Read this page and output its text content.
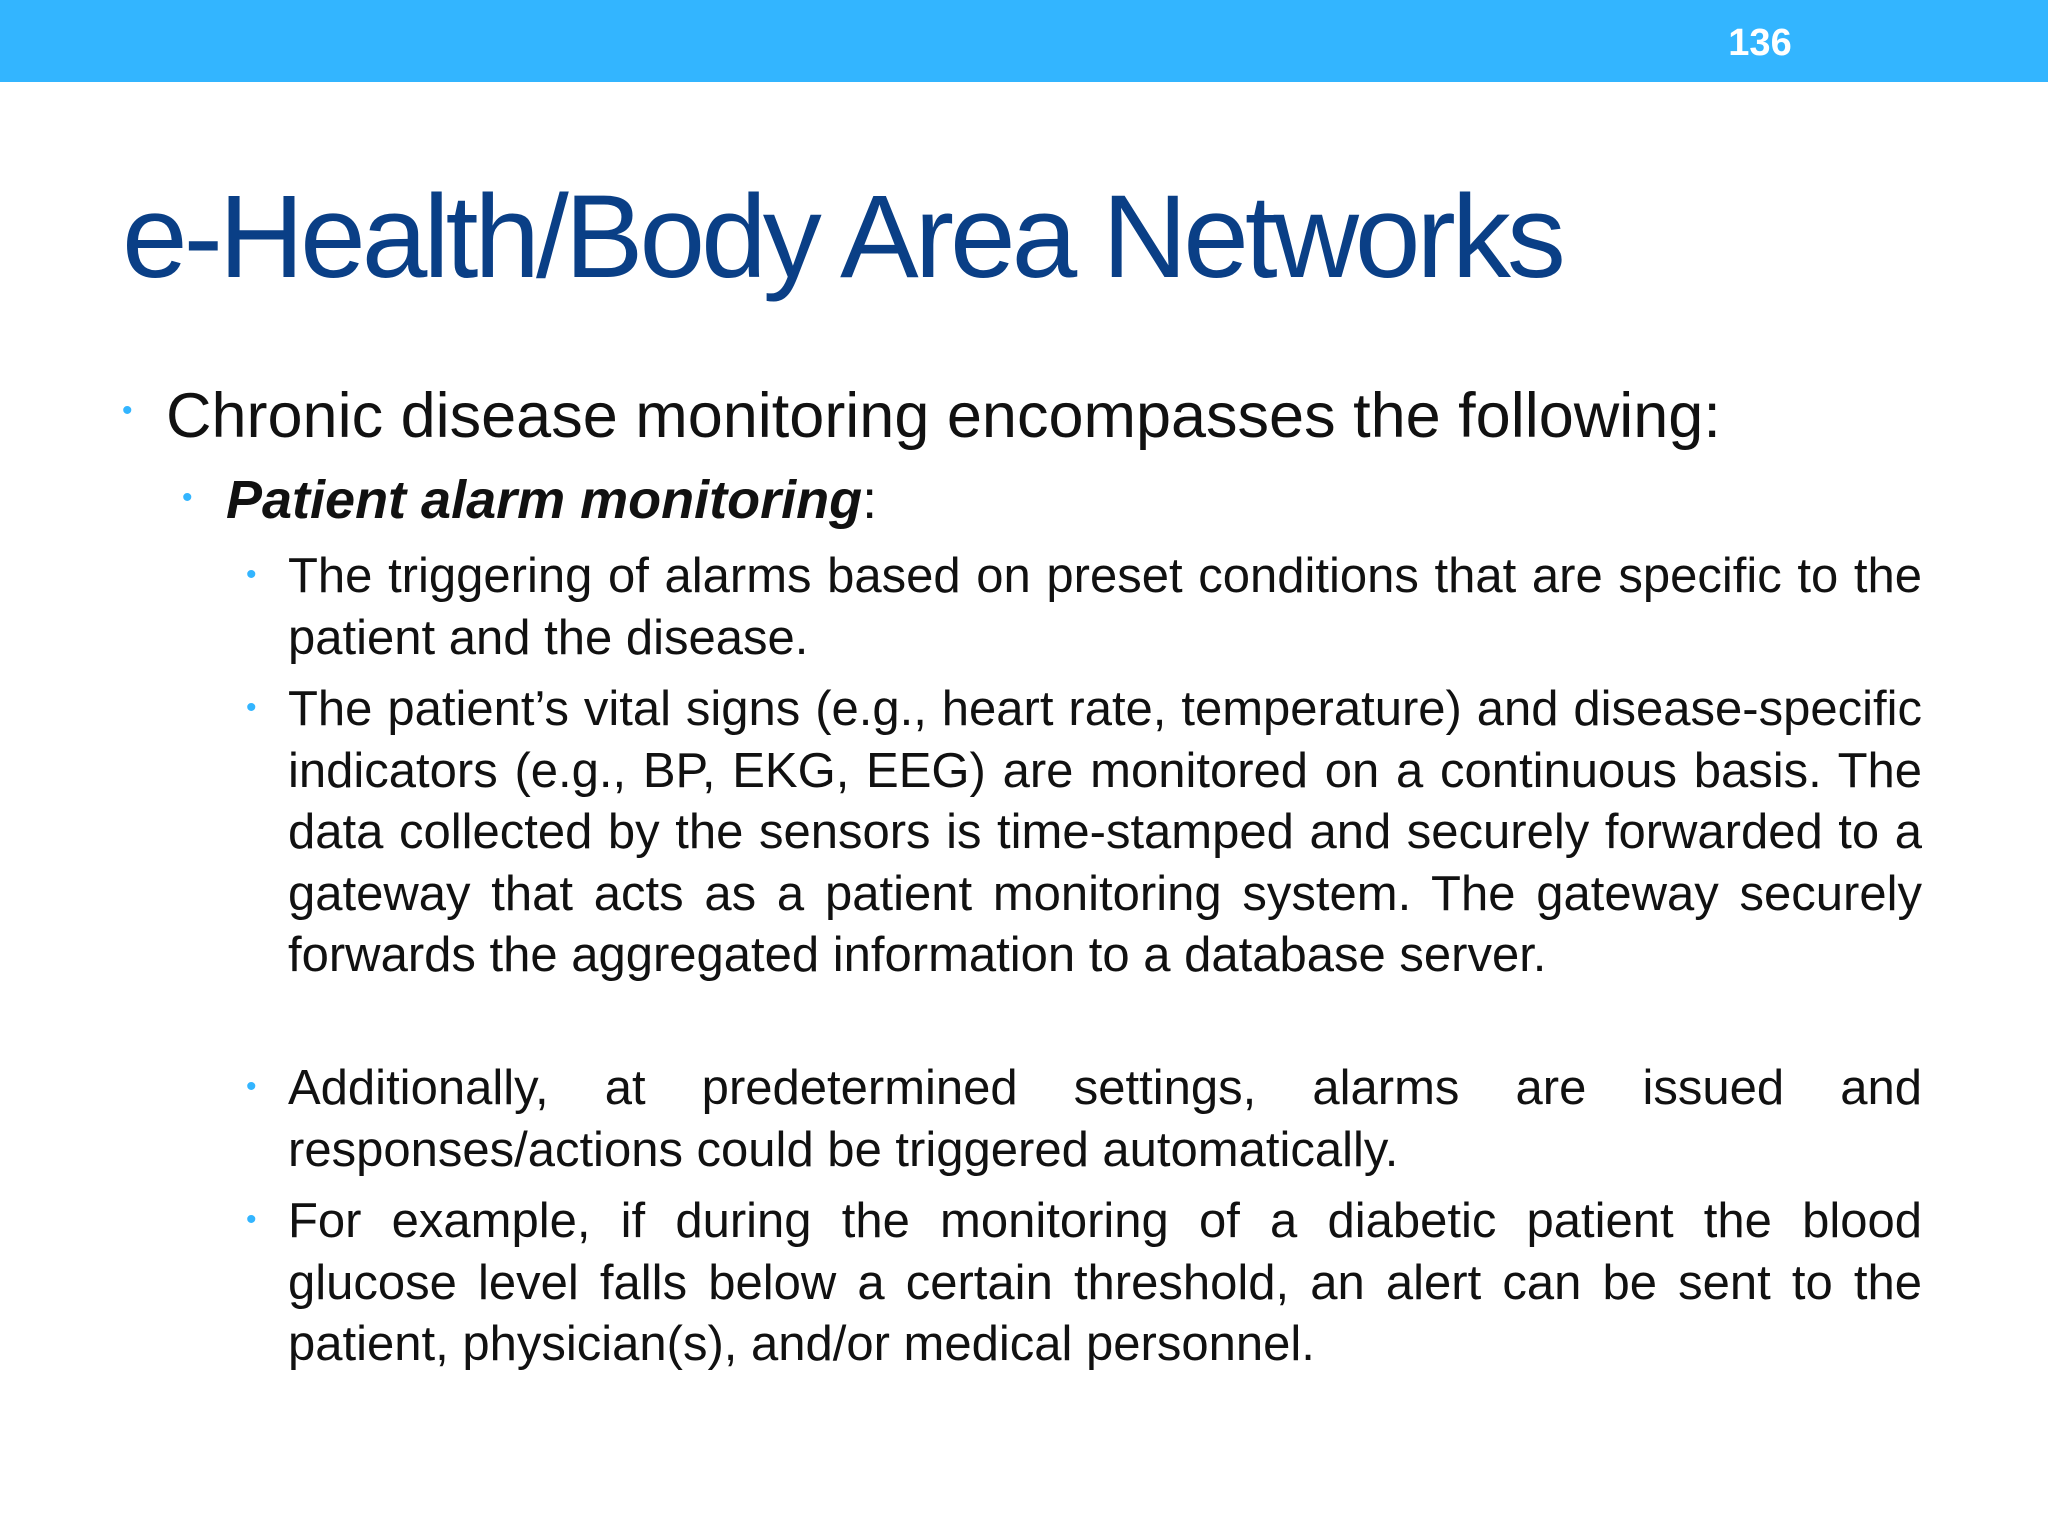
136
e-Health/Body Area Networks
• Chronic disease monitoring encompasses the following:
• Patient alarm monitoring:
• The triggering of alarms based on preset conditions that are specific to the patient and the disease.
• The patient’s vital signs (e.g., heart rate, temperature) and disease-specific indicators (e.g., BP, EKG, EEG) are monitored on a continuous basis. The data collected by the sensors is time-stamped and securely forwarded to a gateway that acts as a patient monitoring system. The gateway securely forwards the aggregated information to a database server.
• Additionally, at predetermined settings, alarms are issued and responses/actions could be triggered automatically.
• For example, if during the monitoring of a diabetic patient the blood glucose level falls below a certain threshold, an alert can be sent to the patient, physician(s), and/or medical personnel.
